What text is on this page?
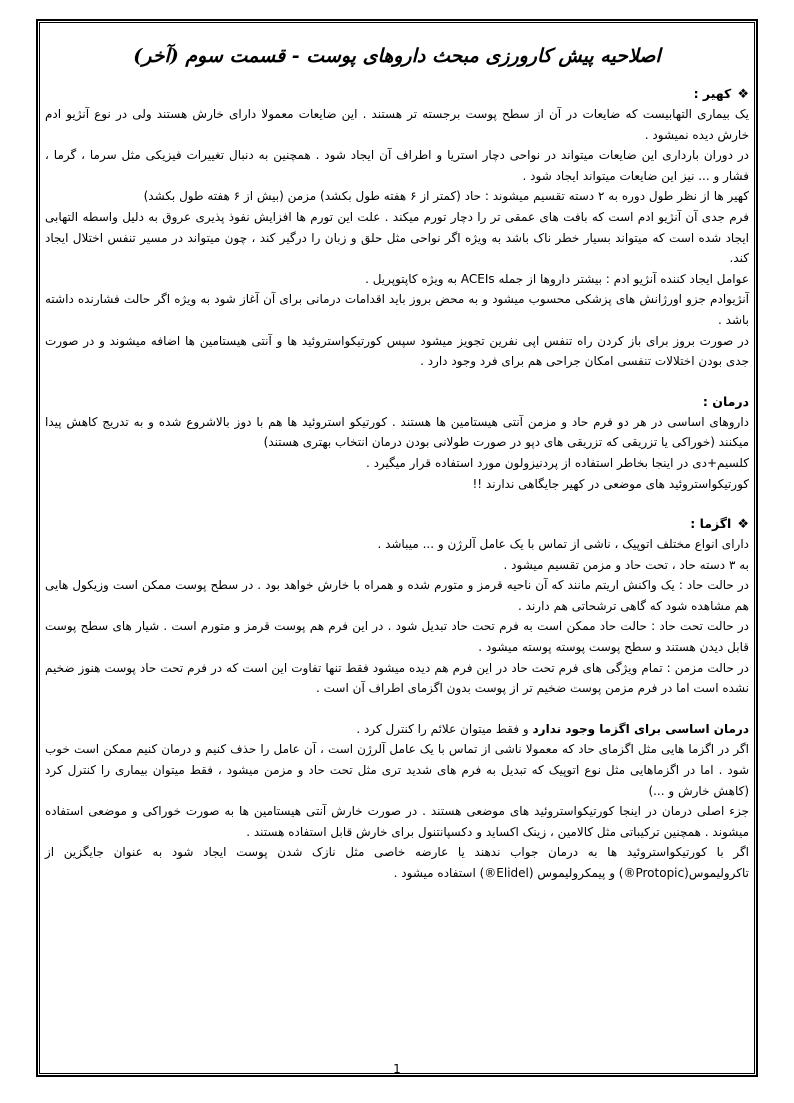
اصلاحیه پیش کارورزی مبحث داروهای پوست - قسمت سوم (آخر)

❖کهیر :

یک بیماری التهابیست که ضایعات در آن از سطح پوست برجسته تر هستند . این ضایعات معمولا دارای خارش هستند ولی در نوع آنژیو ادم خارش دیده نمیشود .

در دوران بارداری این ضایعات میتواند در نواحی دچار استریا و اطراف آن ایجاد شود . همچنین به دنبال تغییرات فیزیکی مثل سرما ، گرما ، فشار و ... نیز این ضایعات میتواند ایجاد شود .

کهیر ها از نظر طول دوره به ۲ دسته تقسیم میشوند : حاد (کمتر از ۶ هفته طول بکشد) مزمن (بیش از ۶ هفته طول بکشد)

فرم جدی آن آنژیو ادم است که بافت های عمقی تر را دچار تورم میکند . علت این تورم ها افزایش نفوذ پذیری عروق به دلیل واسطه التهابی ایجاد شده است که میتواند بسیار خطر ناک باشد به ویژه اگر نواحی مثل حلق و زبان را درگیر کند ، چون میتواند در مسیر تنفس اختلال ایجاد کند.

عوامل ایجاد کننده آنژیو ادم : بیشتر داروها از جمله ACEIs به ویژه کاپتوپریل .

آنژیوادم جزو اورژانش های پزشکی محسوب میشود و به محض بروز باید اقدامات درمانی برای آن آغاز شود به ویژه اگر حالت فشارنده داشته باشد .

در صورت بروز برای باز کردن راه تنفس اپی نفرین تجویز میشود سپس کورتیکواستروئید ها و آنتی هیستامین ها اضافه میشوند و در صورت جدی بودن اختلالات تنفسی امکان جراحی هم برای فرد وجود دارد .

درمان :

داروهای اساسی در هر دو فرم حاد و مزمن آنتی هیستامین ها هستند . کورتیکو استروئید ها هم با دوز بالاشروع شده و به تدریج کاهش پیدا میکنند (خوراکی یا تزریقی که تزریقی های دپو در صورت طولانی بودن درمان انتخاب بهتری هستند)

کلسیم+دی در اینجا بخاطر استفاده از پردنیزولون مورد استفاده قرار میگیرد .

کورتیکواستروئید های موضعی در کهیر جایگاهی ندارند !!

❖اگزما :

دارای انواع مختلف اتوپیک ، ناشی از تماس با یک عامل آلرژن و ... میباشد .

به ۳ دسته حاد ، تحت حاد و مزمن تقسیم میشود .

در حالت حاد : یک واکنش اریتم مانند که آن ناحیه قرمز و متورم شده و همراه با خارش خواهد بود . در سطح پوست ممکن است وزیکول هایی هم مشاهده شود که گاهی ترشحاتی هم دارند .

در حالت تحت حاد : حالت حاد ممکن است به فرم تحت حاد تبدیل شود . در این فرم هم پوست قرمز و متورم است . شیار های سطح پوست قابل دیدن هستند و سطح پوست پوسته پوسته میشود .

در حالت مزمن : تمام ویژگی های فرم تحت حاد در این فرم هم دیده میشود فقط تنها تفاوت این است که در فرم تحت حاد پوست هنوز ضخیم نشده است اما در فرم مزمن پوست ضخیم تر از پوست بدون اگزمای اطراف آن است .

درمان اساسی برای اگزما وجود ندارد و فقط میتوان علائم را کنترل کرد .

اگر در اگزما هایی مثل اگزمای حاد که معمولا ناشی از تماس با یک عامل آلرژن است ، آن عامل را حذف کنیم و درمان کنیم ممکن است خوب شود . اما در اگزماهایی مثل نوع اتوپیک که تبدیل به فرم های شدید تری مثل تحت حاد و مزمن میشود ، فقط میتوان بیماری را کنترل کرد (کاهش خارش و ...)

جزء اصلی درمان در اینجا کورتیکواستروئید های موضعی هستند . در صورت خارش آنتی هیستامین ها به صورت خوراکی و موضعی استفاده میشوند . همچنین ترکیباتی مثل کالامین ، زینک اکساید و دکسپانتنول برای خارش قابل استفاده هستند .

اگر با کورتیکواستروئید ها به درمان جواب ندهند یا عارضه خاصی مثل نازک شدن پوست ایجاد شود به عنوان جایگزین از تاکرولیموس(Protopic®) و پیمکرولیموس (Elidel®) استفاده میشود .

1
